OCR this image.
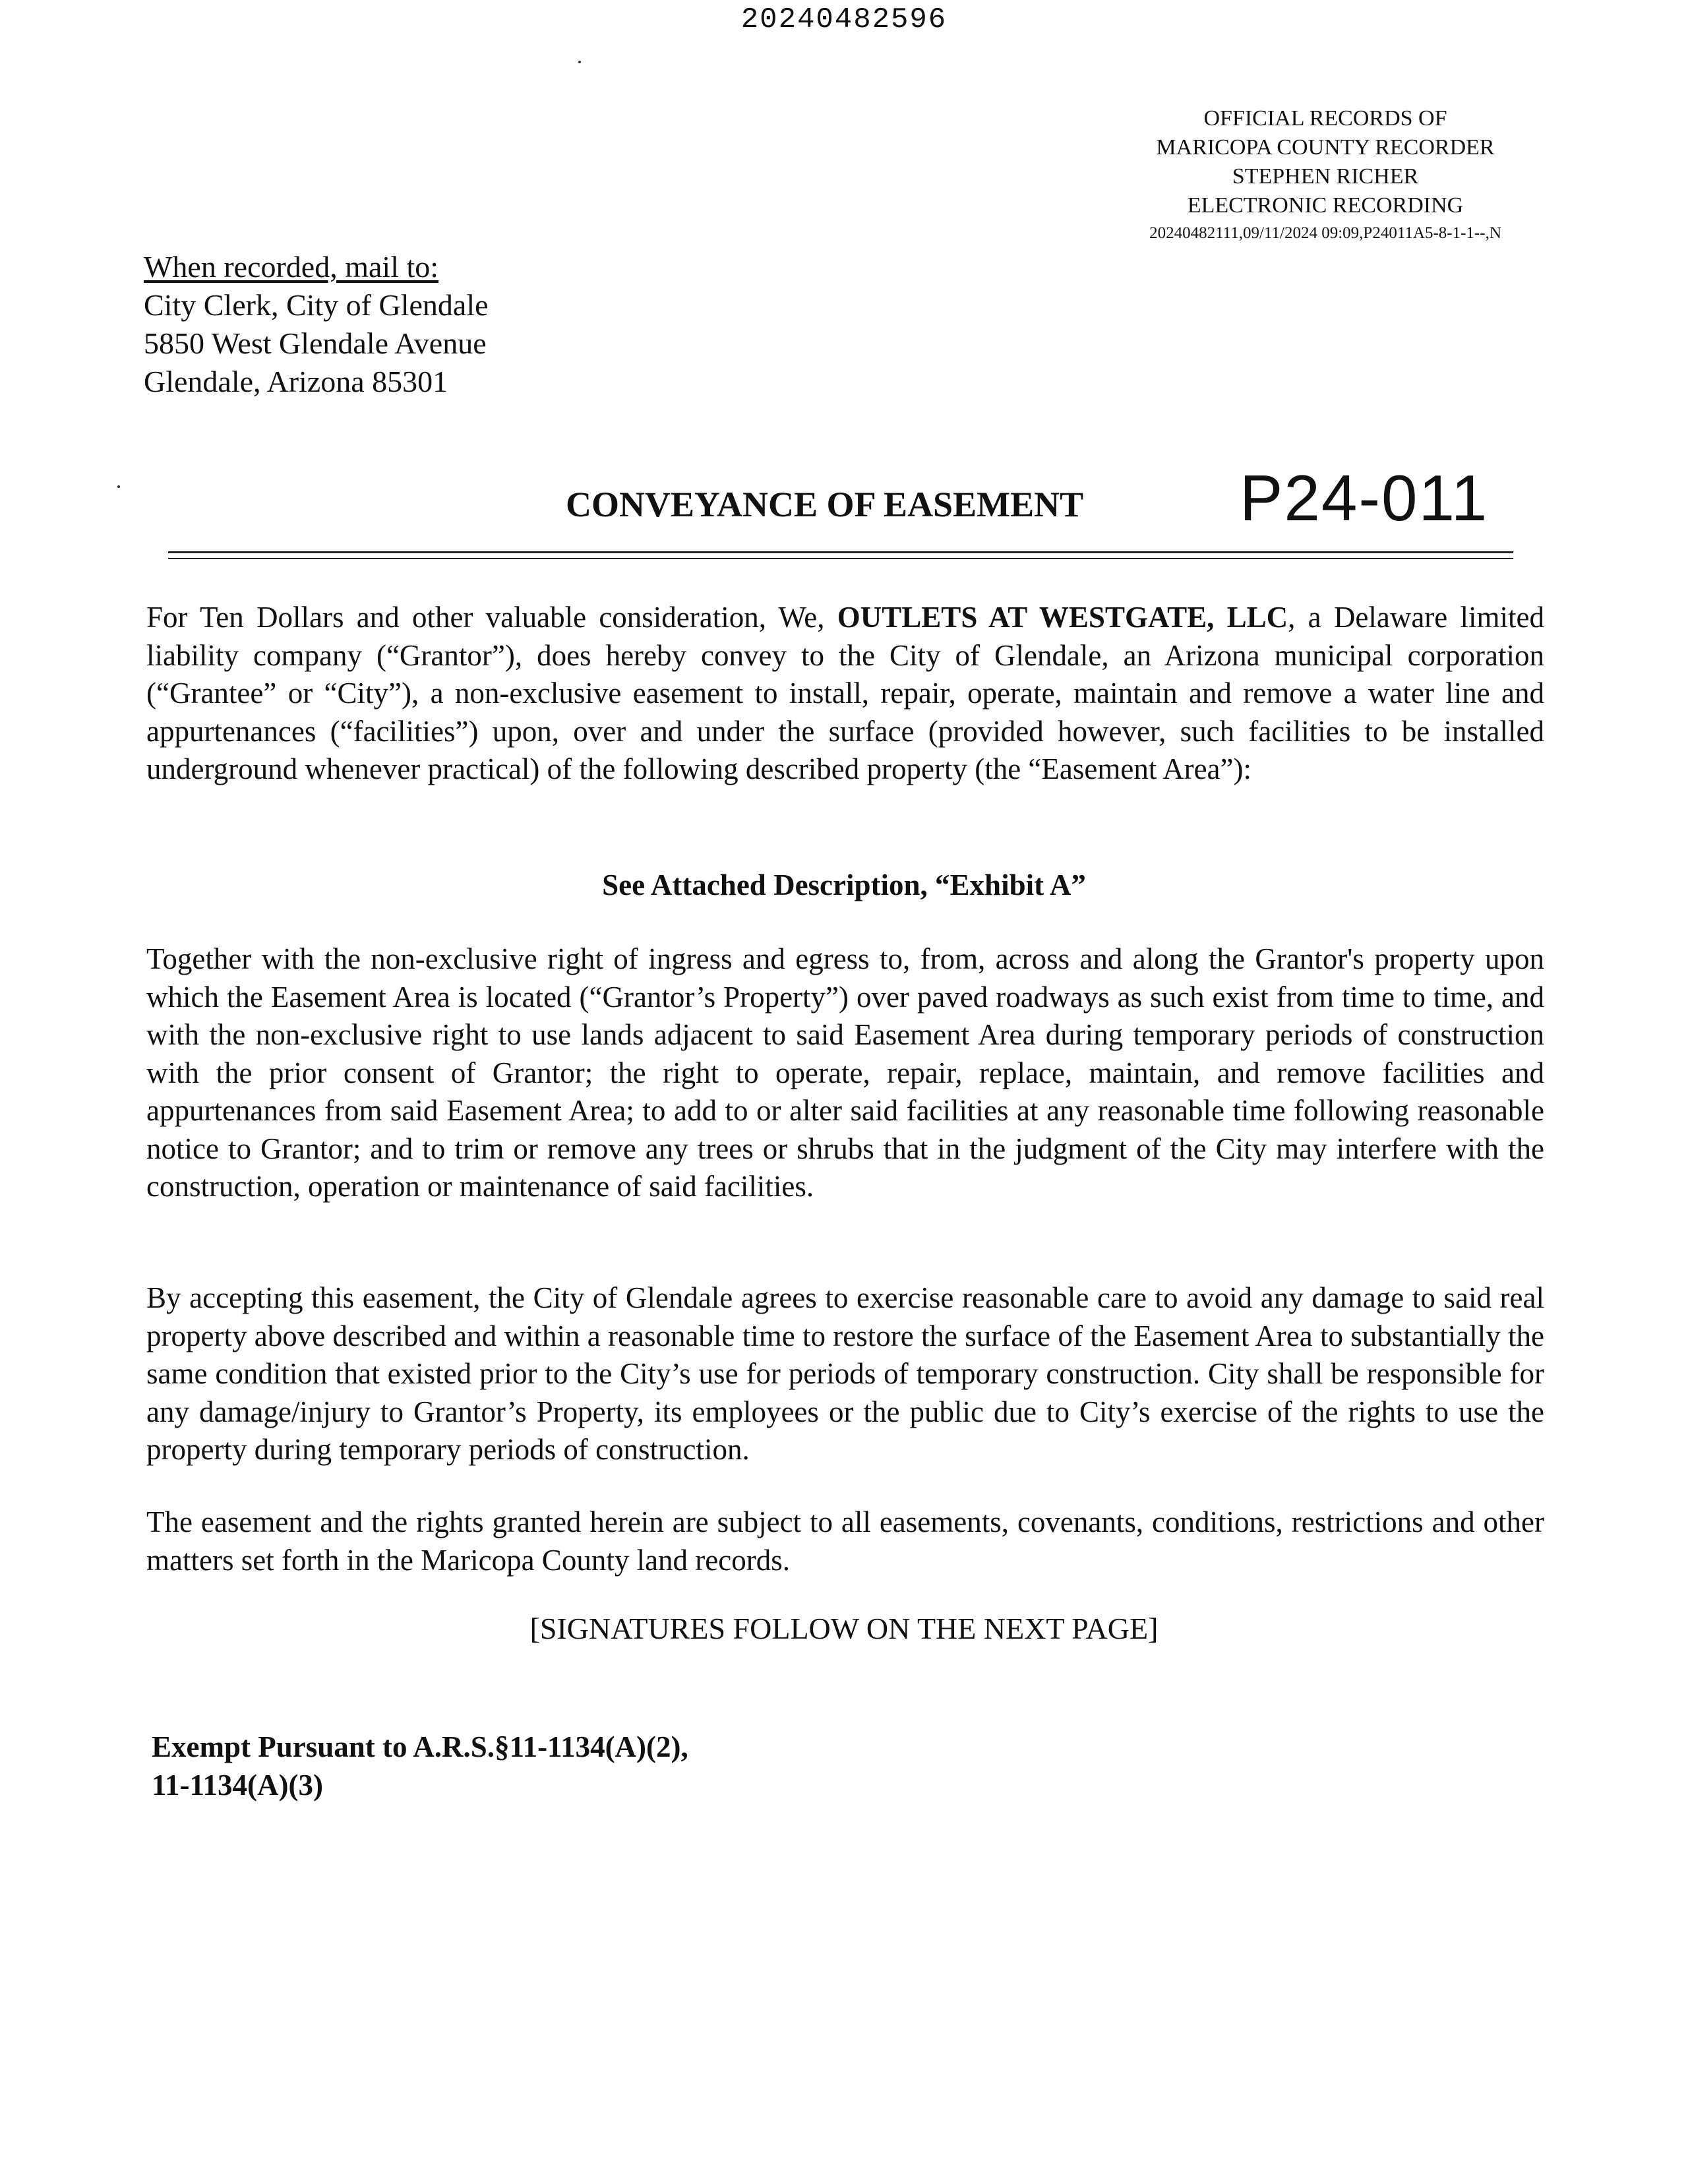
20240482596
OFFICIAL RECORDS OF
MARICOPA COUNTY RECORDER
STEPHEN RICHER
ELECTRONIC RECORDING
20240482111,09/11/2024 09:09,P24011A5-8-1-1--,N
When recorded, mail to:
City Clerk, City of Glendale
5850 West Glendale Avenue
Glendale, Arizona 85301
CONVEYANCE OF EASEMENT P24-011
For Ten Dollars and other valuable consideration, We, OUTLETS AT WESTGATE, LLC, a Delaware limited liability company (“Grantor”), does hereby convey to the City of Glendale, an Arizona municipal corporation (“Grantee” or “City”), a non-exclusive easement to install, repair, operate, maintain and remove a water line and appurtenances (“facilities”) upon, over and under the surface (provided however, such facilities to be installed underground whenever practical) of the following described property (the “Easement Area”):
See Attached Description, “Exhibit A”
Together with the non-exclusive right of ingress and egress to, from, across and along the Grantor's property upon which the Easement Area is located (“Grantor’s Property”) over paved roadways as such exist from time to time, and with the non-exclusive right to use lands adjacent to said Easement Area during temporary periods of construction with the prior consent of Grantor; the right to operate, repair, replace, maintain, and remove facilities and appurtenances from said Easement Area; to add to or alter said facilities at any reasonable time following reasonable notice to Grantor; and to trim or remove any trees or shrubs that in the judgment of the City may interfere with the construction, operation or maintenance of said facilities.
By accepting this easement, the City of Glendale agrees to exercise reasonable care to avoid any damage to said real property above described and within a reasonable time to restore the surface of the Easement Area to substantially the same condition that existed prior to the City’s use for periods of temporary construction. City shall be responsible for any damage/injury to Grantor’s Property, its employees or the public due to City’s exercise of the rights to use the property during temporary periods of construction.
The easement and the rights granted herein are subject to all easements, covenants, conditions, restrictions and other matters set forth in the Maricopa County land records.
[SIGNATURES FOLLOW ON THE NEXT PAGE]
Exempt Pursuant to A.R.S.§11-1134(A)(2),
11-1134(A)(3)
